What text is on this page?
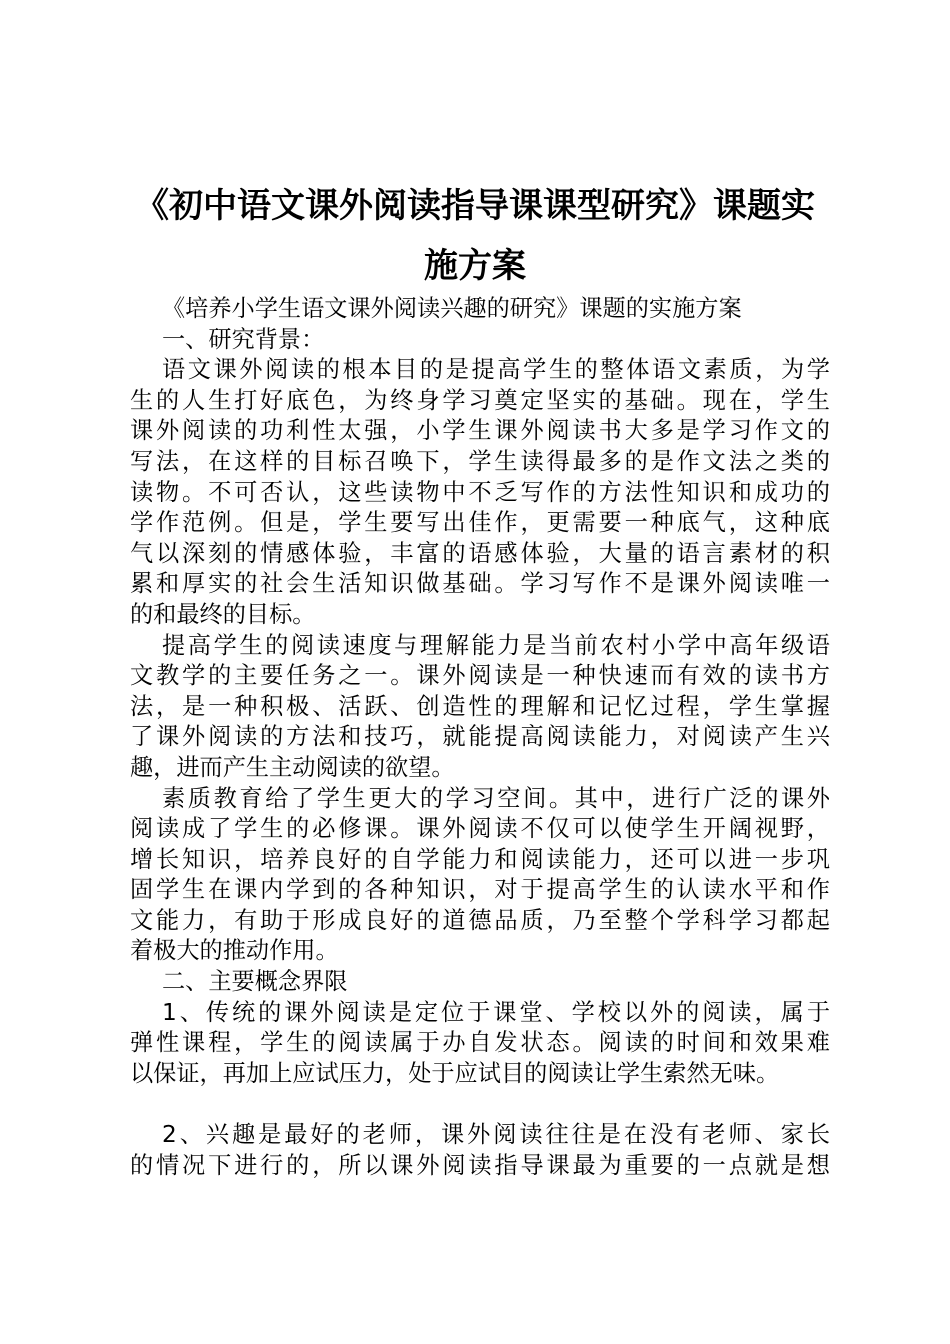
《初中语文课外阅读指导课课型研究》课题实
施方案

《培养小学生语文课外阅读兴趣的研究》课题的实施方案

一、研究背景：

语文课外阅读的根本目的是提高学生的整体语文素质，为学

生的人生打好底色，为终身学习奠定坚实的基础。现在，学生

课外阅读的功利性太强，小学生课外阅读书大多是学习作文的

写法，在这样的目标召唤下，学生读得最多的是作文法之类的

读物。不可否认，这些读物中不乏写作的方法性知识和成功的

学作范例。但是，学生要写出佳作，更需要一种底气，这种底

气以深刻的情感体验，丰富的语感体验，大量的语言素材的积

累和厚实的社会生活知识做基础。学习写作不是课外阅读唯一

的和最终的目标。

提高学生的阅读速度与理解能力是当前农村小学中高年级语

文教学的主要任务之一。课外阅读是一种快速而有效的读书方

法，是一种积极、活跃、创造性的理解和记忆过程，学生掌握

了课外阅读的方法和技巧，就能提高阅读能力，对阅读产生兴

趣，进而产生主动阅读的欲望。

素质教育给了学生更大的学习空间。其中，进行广泛的课外

阅读成了学生的必修课。课外阅读不仅可以使学生开阔视野，

增长知识，培养良好的自学能力和阅读能力，还可以进一步巩

固学生在课内学到的各种知识，对于提高学生的认读水平和作

文能力，有助于形成良好的道德品质，乃至整个学科学习都起

着极大的推动作用。

二、主要概念界限

1、传统的课外阅读是定位于课堂、学校以外的阅读，属于

弹性课程，学生的阅读属于办自发状态。阅读的时间和效果难

以保证，再加上应试压力，处于应试目的阅读让学生索然无味。

2、兴趣是最好的老师，课外阅读往往是在没有老师、家长

的情况下进行的，所以课外阅读指导课最为重要的一点就是想
